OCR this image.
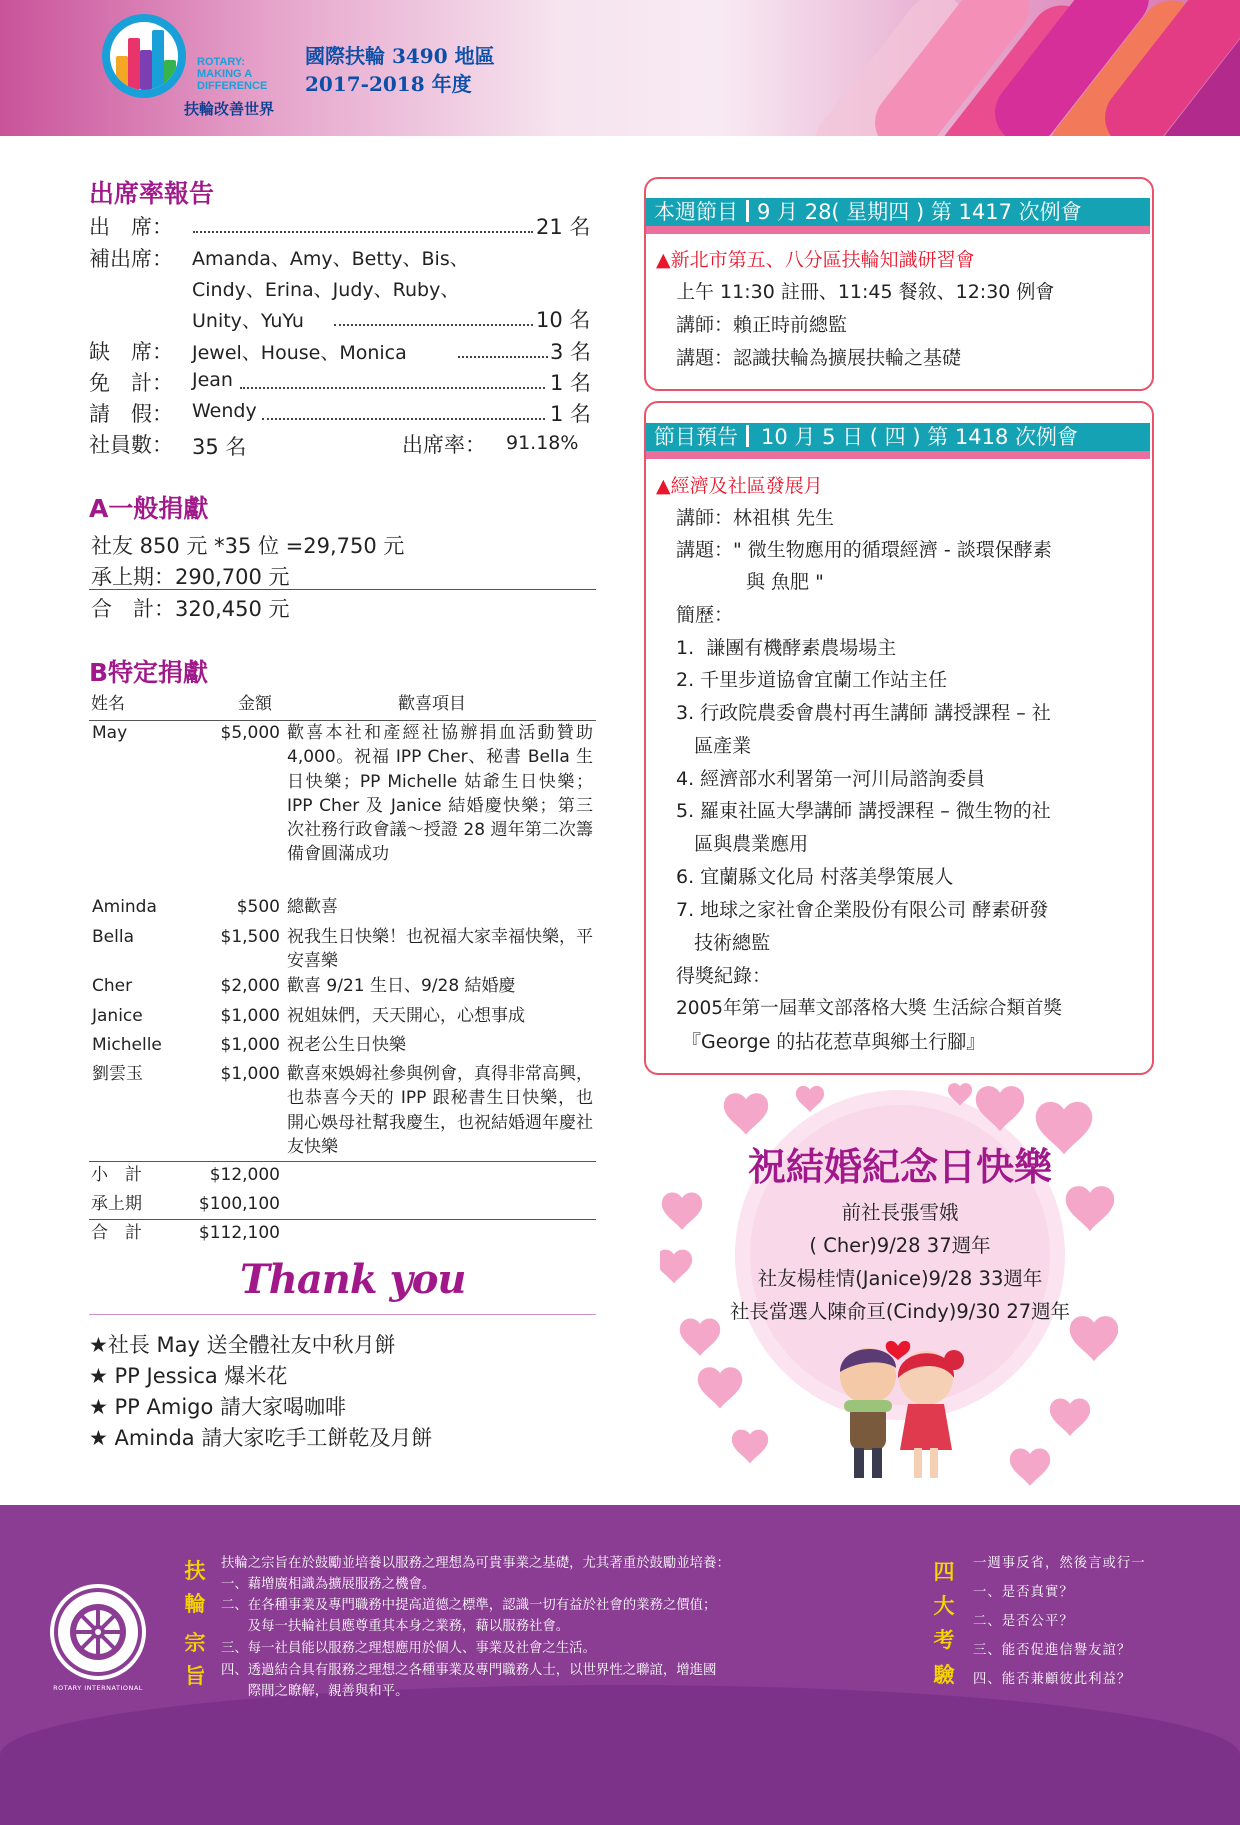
ROTARY:
MAKING A
DIFFERENCE
扶輪改善世界
國際扶輪 3490 地區
2017-2018 年度
出席率報告
出　席：	21 名
補出席： Amanda、Amy、Betty、Bis、
Cindy、Erina、Judy、Ruby、
Unity、YuYu	10 名
缺　席： Jewel、House、Monica	3 名
免　計： Jean	1 名
請　假： Wendy	1 名
社員數： 35 名	出席率： 91.18%
A一般捐獻
社友 850 元 *35 位 =29,750 元
承上期：290,700 元
合　計：320,450 元
B特定捐獻
姓名	金額	歡喜項目
May	$5,000 歡喜本社和產經社協辦捐血活動贊助 4,000。祝福 IPP Cher、秘書 Bella 生日快樂；PP Michelle 姑爺生日快樂；IPP Cher 及 Janice 結婚慶快樂；第三次社務行政會議～授證 28 週年第二次籌備會圓滿成功
Aminda	$500 總歡喜
Bella	$1,500 祝我生日快樂！也祝福大家幸福快樂，平安喜樂
Cher	$2,000 歡喜 9/21 生日、9/28 結婚慶
Janice	$1,000 祝姐妹們，天天開心，心想事成
Michelle	$1,000 祝老公生日快樂
劉雲玉	$1,000 歡喜來娛姆社參與例會，真得非常高興，也恭喜今天的 IPP 跟秘書生日快樂，也開心娛母社幫我慶生，也祝結婚週年慶社友快樂
小　計	$12,000
承上期	$100,100
合　計	$112,100
Thank you
★社長 May 送全體社友中秋月餅
★ PP Jessica 爆米花
★ PP Amigo 請大家喝咖啡
★ Aminda 請大家吃手工餅乾及月餅
本週節目 9 月 28( 星期四 ) 第 1417 次例會
▲新北市第五、八分區扶輪知識研習會
上午 11:30 註冊、11:45 餐敘、12:30 例會
講師：賴正時前總監
講題：認識扶輪為擴展扶輪之基礎
節目預告 10 月 5 日 ( 四 ) 第 1418 次例會
▲經濟及社區發展月
講師：林祖棋 先生
講題：" 微生物應用的循環經濟 - 談環保酵素
與 魚肥 "
簡歷：
1.  謙團有機酵素農場場主
2. 千里步道協會宜蘭工作站主任
3. 行政院農委會農村再生講師 講授課程 – 社
區產業
4. 經濟部水利署第一河川局諮詢委員
5. 羅東社區大學講師 講授課程 – 微生物的社
區與農業應用
6. 宜蘭縣文化局 村落美學策展人
7. 地球之家社會企業股份有限公司 酵素研發
技術總監
得獎紀錄：
2005年第一屆華文部落格大獎 生活綜合類首獎
『George 的拈花惹草與鄉土行腳』
祝結婚紀念日快樂
前社長張雪娥
( Cher)9/28 37週年
社友楊桂情(Janice)9/28 33週年
社長當選人陳俞亘(Cindy)9/30 27週年
ROTARY INTERNATIONAL
扶
輪
宗
旨
扶輪之宗旨在於鼓勵並培養以服務之理想為可貴事業之基礎，尤其著重於鼓勵並培養：
一、藉增廣相識為擴展服務之機會。
二、在各種事業及專門職務中提高道德之標準，認識一切有益於社會的業務之價值；
　　及每一扶輪社員應尊重其本身之業務，藉以服務社會。
三、每一社員能以服務之理想應用於個人、事業及社會之生活。
四、透過結合具有服務之理想之各種事業及專門職務人士，以世界性之聯誼，增進國
　　際間之瞭解，親善與和平。
四
大
考
驗
一週事反省，然後言或行一
一、是否真實？
二、是否公平？
三、能否促進信譽友誼？
四、能否兼顧彼此利益？
